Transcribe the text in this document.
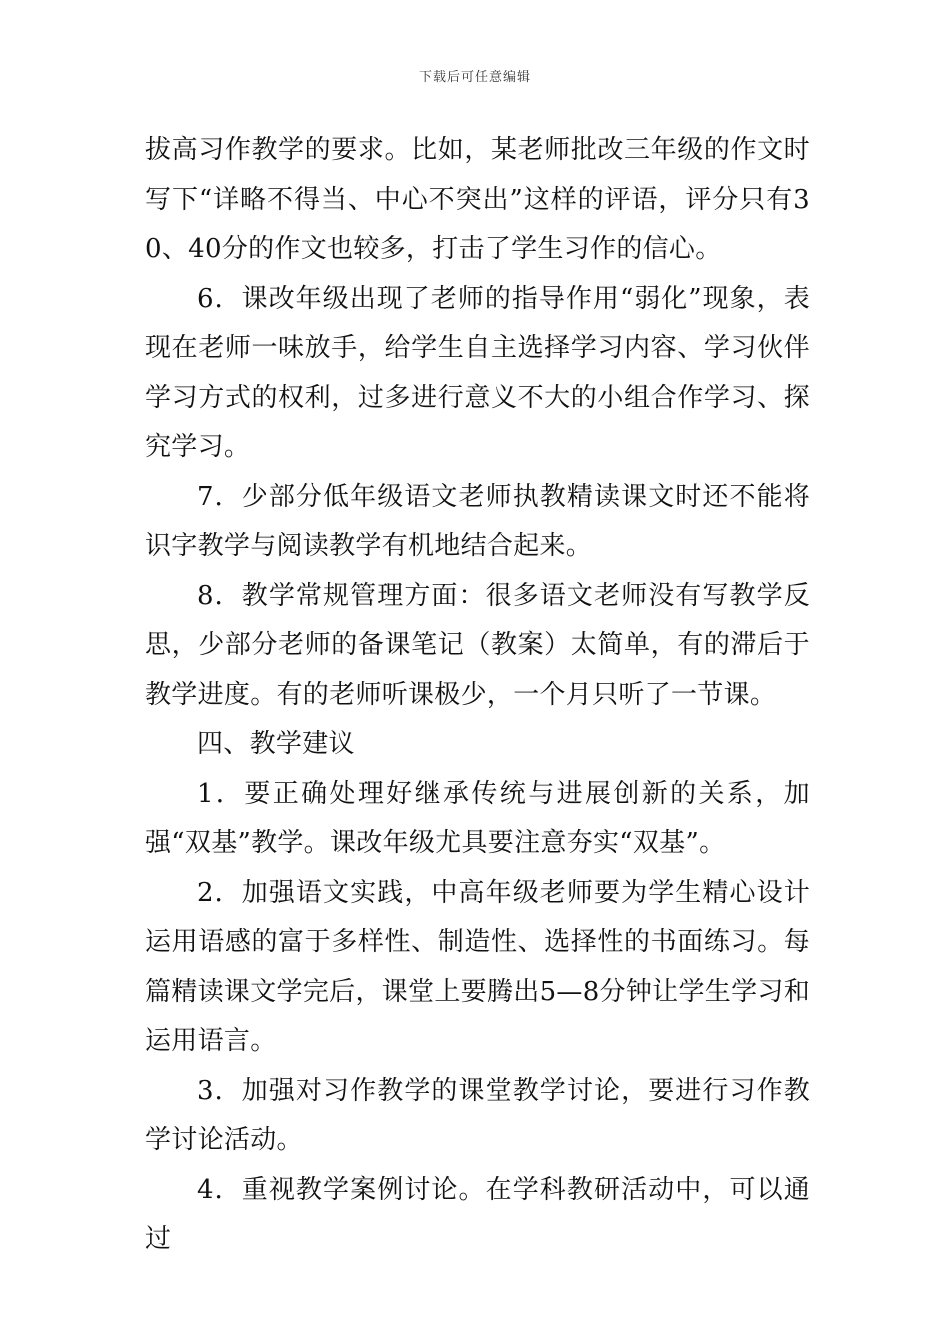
下载后可任意编辑

拔高习作教学的要求。比如，某老师批改三年级的作文时写下“详略不得当、中心不突出”这样的评语，评分只有30、40分的作文也较多，打击了学生习作的信心。

6．课改年级出现了老师的指导作用“弱化”现象，表现在老师一味放手，给学生自主选择学习内容、学习伙伴学习方式的权利，过多进行意义不大的小组合作学习、探究学习。

7．少部分低年级语文老师执教精读课文时还不能将识字教学与阅读教学有机地结合起来。

8．教学常规管理方面：很多语文老师没有写教学反思，少部分老师的备课笔记（教案）太简单，有的滞后于教学进度。有的老师听课极少，一个月只听了一节课。

四、教学建议

1．要正确处理好继承传统与进展创新的关系，加强“双基”教学。课改年级尤具要注意夯实“双基”。

2．加强语文实践，中高年级老师要为学生精心设计运用语感的富于多样性、制造性、选择性的书面练习。每篇精读课文学完后，课堂上要腾出5—8分钟让学生学习和运用语言。

3．加强对习作教学的课堂教学讨论，要进行习作教学讨论活动。

4．重视教学案例讨论。在学科教研活动中，可以通过
